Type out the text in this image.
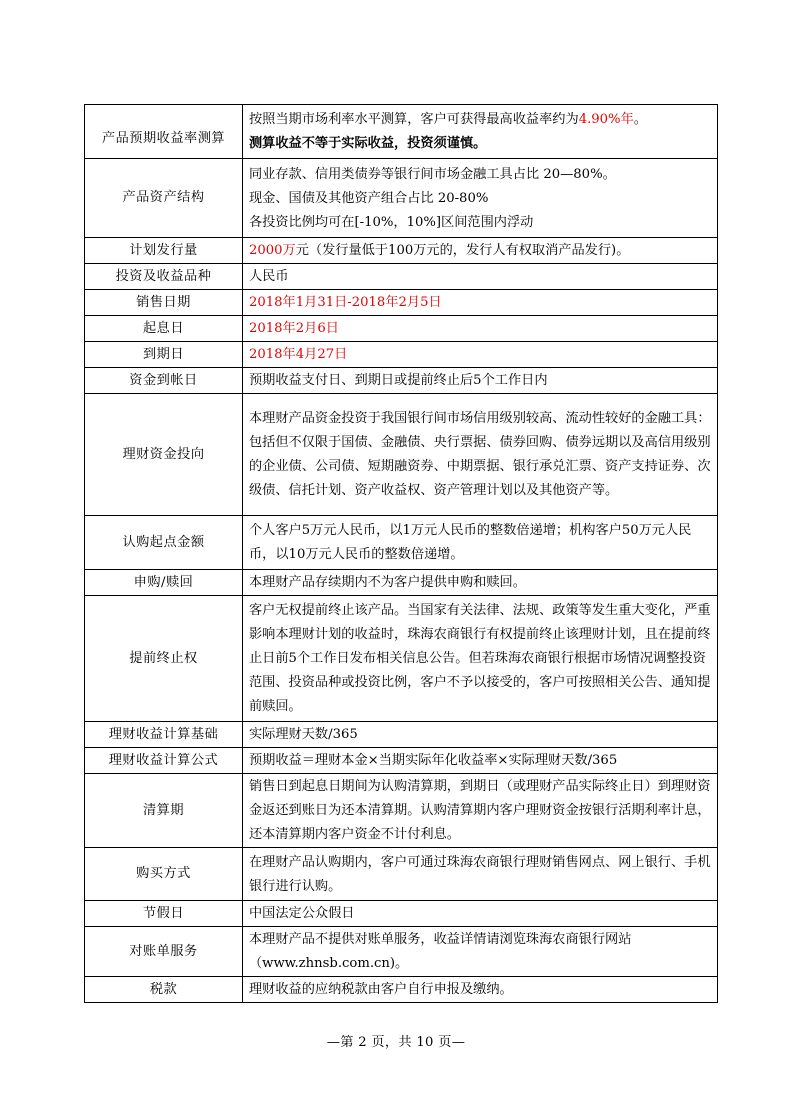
产品预期收益率测算	按照当期市场利率水平测算，客户可获得最高收益率约为4.90%年。
测算收益不等于实际收益，投资须谨慎。

产品资产结构	同业存款、信用类债券等银行间市场金融工具占比 20—80%。
现金、国债及其他资产组合占比 20-80%
各投资比例均可在[-10%，10%]区间范围内浮动

计划发行量	2000万元（发行量低于100万元的，发行人有权取消产品发行)。
投资及收益品种	人民币
销售日期	2018年1月31日-2018年2月5日
起息日	2018年2月6日
到期日	2018年4月27日
资金到帐日	预期收益支付日、到期日或提前终止后5个工作日内
理财资金投向	本理财产品资金投资于我国银行间市场信用级别较高、流动性较好的金融工具：包括但不仅限于国债、金融债、央行票据、债券回购、债券远期以及高信用级别的企业债、公司债、短期融资券、中期票据、银行承兑汇票、资产支持证券、次级债、信托计划、资产收益权、资产管理计划以及其他资产等。
认购起点金额	个人客户5万元人民币，以1万元人民币的整数倍递增；机构客户50万元人民币，以10万元人民币的整数倍递增。
申购/赎回	本理财产品存续期内不为客户提供申购和赎回。
提前终止权	客户无权提前终止该产品。当国家有关法律、法规、政策等发生重大变化，严重影响本理财计划的收益时，珠海农商银行有权提前终止该理财计划，且在提前终止日前5个工作日发布相关信息公告。但若珠海农商银行根据市场情况调整投资范围、投资品种或投资比例，客户不予以接受的，客户可按照相关公告、通知提前赎回。
理财收益计算基础	实际理财天数/365
理财收益计算公式	预期收益＝理财本金×当期实际年化收益率×实际理财天数/365
清算期	销售日到起息日期间为认购清算期，到期日（或理财产品实际终止日）到理财资金返还到账日为还本清算期。认购清算期内客户理财资金按银行活期利率计息，还本清算期内客户资金不计付利息。
购买方式	在理财产品认购期内，客户可通过珠海农商银行理财销售网点、网上银行、手机银行进行认购。
节假日	中国法定公众假日
对账单服务	本理财产品不提供对账单服务，收益详情请浏览珠海农商银行网站（www.zhnsb.com.cn)。
税款	理财收益的应纳税款由客户自行申报及缴纳。
—第 2 页，共 10 页—
